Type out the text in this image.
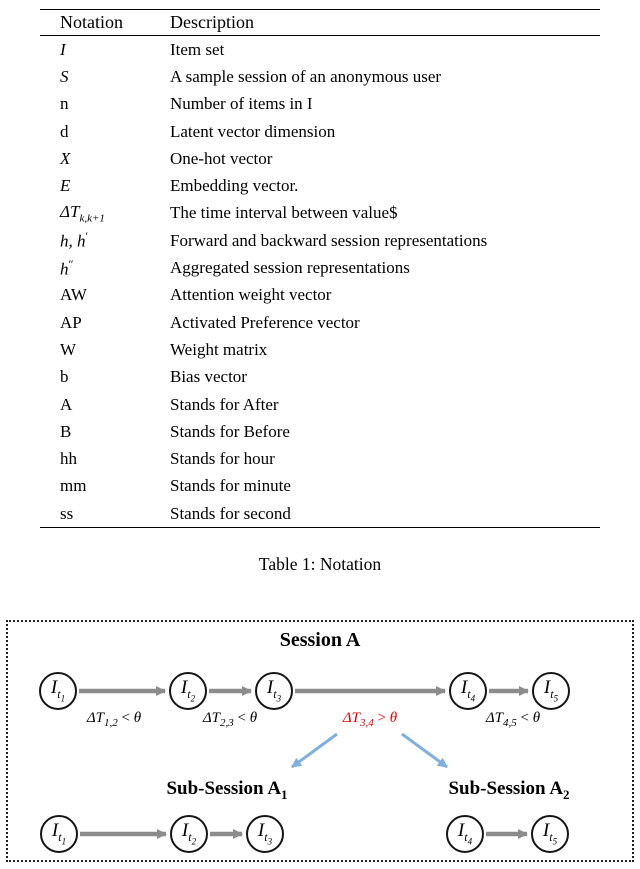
Notation	Description
I	Item set
S	A sample session of an anonymous user
n	Number of items in I
d	Latent vector dimension
X	One-hot vector
E	Embedding vector.
$\Delta T_{k,k+1}$	The time interval between value$
h, h′	Forward and backward session representations
h″	Aggregated session representations
AW	Attention weight vector
AP	Activated Preference vector
W	Weight matrix
b	Bias vector
A	Stands for After
B	Stands for Before
hh	Stands for hour
mm	Stands for minute
ss	Stands for second
Table 1: Notation
Session A
$I_{t_1}$
$I_{t_2}$
$I_{t_3}$
$I_{t_4}$
$I_{t_5}$
$\Delta T_{1,2} < \theta$	$\Delta T_{2,3} < \theta$	$\Delta T_{3,4} > \theta$	$\Delta T_{4,5} < \theta$
Sub-Session $A_1$	Sub-Session $A_2$
$I_{t_1}$
$I_{t_2}$
$I_{t_3}$
$I_{t_4}$
$I_{t_5}$
